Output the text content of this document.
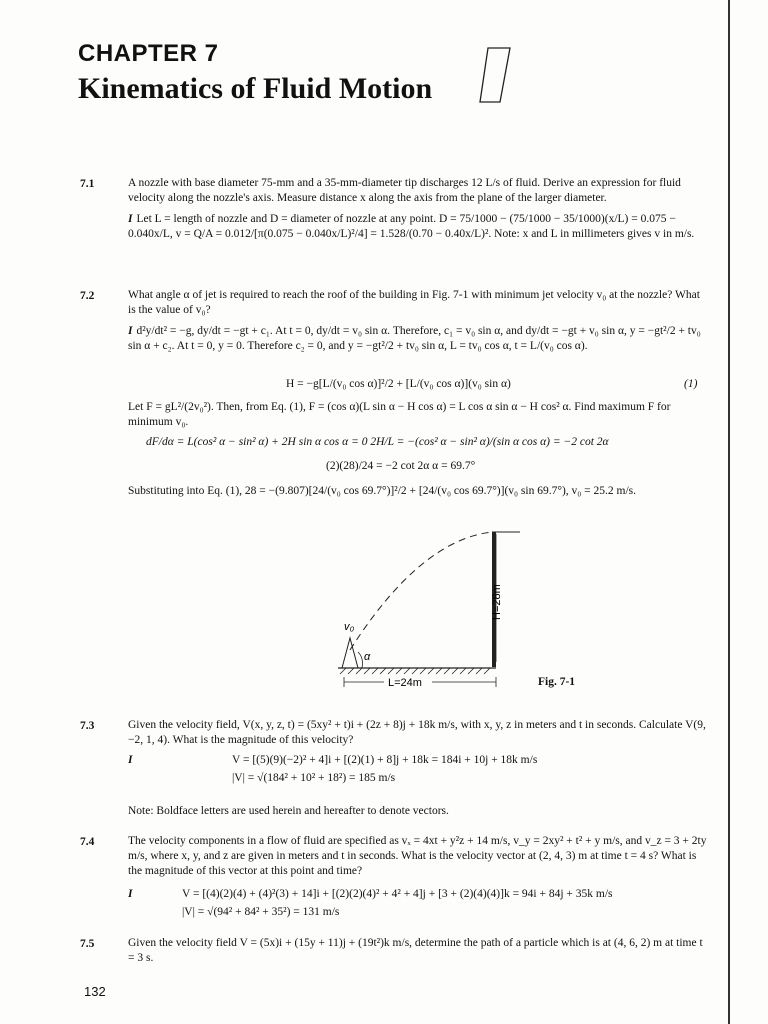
CHAPTER 7
Kinematics of Fluid Motion
7.1	A nozzle with base diameter 75-mm and a 35-mm-diameter tip discharges 12 L/s of fluid. Derive an expression for fluid velocity along the nozzle's axis. Measure distance x along the axis from the plane of the larger diameter.

I Let L = length of nozzle and D = diameter of nozzle at any point. D = 75/1000 − (75/1000 − 35/1000)(x/L) = 0.075 − 0.040x/L, v = Q/A = 0.012/[π(0.075 − 0.040x/L)²/4] = 1.528/(0.70 − 0.40x/L)². Note: x and L in millimeters gives v in m/s.

7.2	What angle α of jet is required to reach the roof of the building in Fig. 7-1 with minimum jet velocity v₀ at the nozzle? What is the value of v₀?

I d²y/dt² = −g, dy/dt = −gt + c₁. At t = 0, dy/dt = v₀ sin α. Therefore, c₁ = v₀ sin α, and dy/dt = −gt + v₀ sin α, y = −gt²/2 + tv₀ sin α + c₂. At t = 0, y = 0. Therefore c₂ = 0, and y = −gt²/2 + tv₀ sin α, L = tv₀ cos α, t = L/(v₀ cos α).

H = −g[L/(v₀ cos α)]²/2 + [L/(v₀ cos α)](v₀ sin α)	(1)

Let F = gL²/(2v₀²). Then, from Eq. (1), F = (cos α)(L sin α − H cos α) = L cos α sin α − H cos² α. Find maximum F for minimum v₀.

dF/dα = L(cos² α − sin² α) + 2H sin α cos α = 0 2H/L = −(cos² α − sin² α)/(sin α cos α) = −2 cot 2α
(2)(28)/24 = −2 cot 2α α = 69.7°

Substituting into Eq. (1), 28 = −(9.807)[24/(v₀ cos 69.7°)]²/2 + [24/(v₀ cos 69.7°)](v₀ sin 69.7°), v₀ = 25.2 m/s.

H=28m
α
v₀
L=24m	Fig. 7-1
7.3	Given the velocity field, V(x, y, z, t) = (5xy² + t)i + (2z + 8)j + 18k m/s, with x, y, z in meters and t in seconds. Calculate V(9, −2, 1, 4). What is the magnitude of this velocity?

I	V = [(5)(9)(−2)² + 4]i + [(2)(1) + 8]j + 18k = 184i + 10j + 18k m/s
|V| = √(184² + 10² + 18²) = 185 m/s

Note: Boldface letters are used herein and hereafter to denote vectors.

7.4	The velocity components in a flow of fluid are specified as vₓ = 4xt + y²z + 14 m/s, v_y = 2xy² + t² + y m/s, and v_z = 3 + 2ty m/s, where x, y, and z are given in meters and t in seconds. What is the velocity vector at (2, 4, 3) m at time t = 4 s? What is the magnitude of this vector at this point and time?

I	V = [(4)(2)(4) + (4)²(3) + 14]i + [(2)(2)(4)² + 4² + 4]j + [3 + (2)(4)(4)]k = 94i + 84j + 35k m/s
|V| = √(94² + 84² + 35²) = 131 m/s
7.5	Given the velocity field V = (5x)i + (15y + 11)j + (19t²)k m/s, determine the path of a particle which is at (4, 6, 2) m at time t = 3 s.

132
